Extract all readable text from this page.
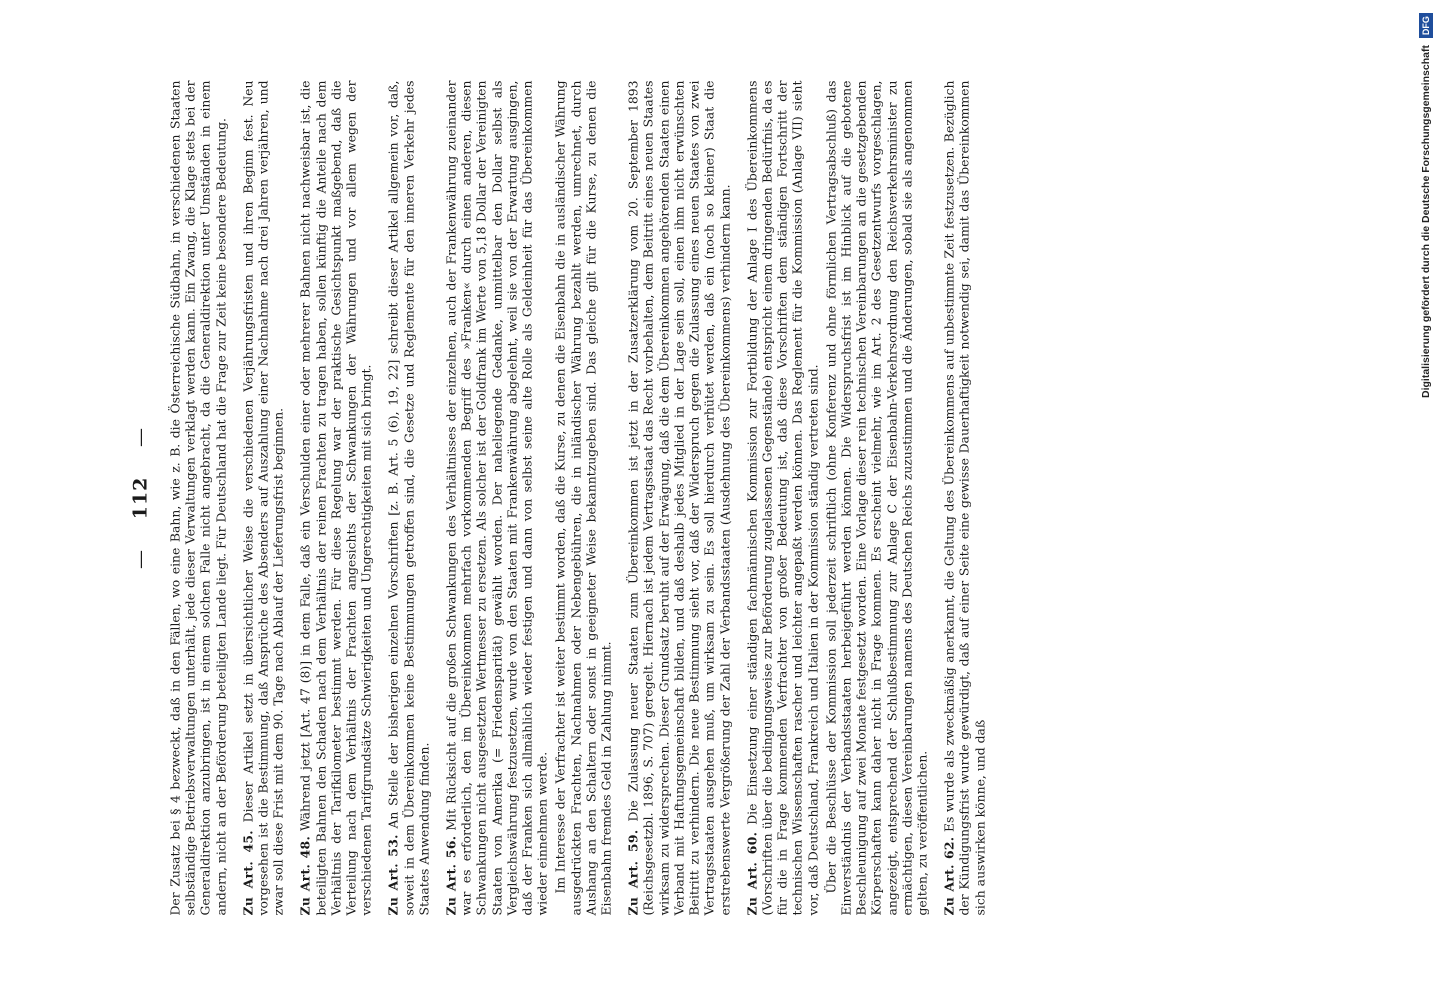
— 112 — Der Zusatz bei § 4 bezweckt, daß in den Fällen, wo eine Bahn, wie z. B. die Österreichische Südbahn, in verschiedenen Staaten selbständige Betriebsverwaltungen unterhält, jede dieser Verwaltungen verklagt werden kann. Ein Zwang, die Klage stets bei der Generaldirektion anzubringen, ist in einem solchen Falle nicht angebracht, da die Generaldirektion unter Umständen in einem andern, nicht an der Beförderung beteiligten Lande liegt. Für Deutschland hat die Frage zur Zeit keine besondere Bedeutung. Zu Art. 45. Dieser Artikel setzt in übersichtlicher Weise die verschiedenen Verjährungsfristen und ihren Beginn fest. Neu vorgesehen ist die Bestimmung, daß Ansprüche des Absenders auf Auszahlung einer Nachnahme nach drei Jahren verjähren, und zwar soll diese Frist mit dem 90. Tage nach Ablauf der Lieferungsfrist beginnen. Zu Art. 48. Während jetzt [Art. 47 (8)] in dem Falle, daß ein Verschulden einer oder mehrerer Bahnen nicht nachweisbar ist, die beteiligten Bahnen den Schaden nach dem Verhältnis der reinen Frachten zu tragen haben, sollen künftig die Anteile nach dem Verhältnis der Tarifkilometer bestimmt werden. Für diese Regelung war der praktische Gesichtspunkt maßgebend, daß die Verteilung nach dem Verhältnis der Frachten angesichts der Schwankungen der Währungen und vor allem wegen der verschiedenen Tarifgrundsätze Schwierigkeiten und Ungerechtigkeiten mit sich bringt. Zu Art. 53. An Stelle der bisherigen einzelnen Vorschriften [z. B. Art. 5 (6), 19, 22] schreibt dieser Artikel allgemein vor, daß, soweit in dem Übereinkommen keine Bestimmungen getroffen sind, die Gesetze und Reglemente für den inneren Verkehr jedes Staates Anwendung finden. Zu Art. 56. Mit Rücksicht auf die großen Schwankungen des Verhältnisses der einzelnen, auch der Frankenwährung zueinander war es erforderlich, den im Übereinkommen mehrfach vorkommenden Begriff des »Franken« durch einen anderen, diesen Schwankungen nicht ausgesetzten Wertmesser zu ersetzen. Als solcher ist der Goldfrank im Werte von 5,18 Dollar der Vereinigten Staaten von Amerika (= Friedensparität) gewählt worden. Der naheliegende Gedanke, unmittelbar den Dollar selbst als Vergleichswährung festzusetzen, wurde von den Staaten mit Frankenwährung abgelehnt, weil sie von der Erwartung ausgingen, daß der Franken sich allmählich wieder festigen und dann von selbst seine alte Rolle als Geldeinheit für das Übereinkommen wieder einnehmen werde. Im Interesse der Verfrachter ist weiter bestimmt worden, daß die Kurse, zu denen die Eisenbahn die in ausländischer Währung ausgedrückten Frachten, Nachnahmen oder Nebengebühren, die in inländischer Währung bezahlt werden, umrechnet, durch Aushang an den Schaltern oder sonst in geeigneter Weise bekanntzugeben sind. Das gleiche gilt für die Kurse, zu denen die Eisenbahn fremdes Geld in Zahlung nimmt. Zu Art. 59. Die Zulassung neuer Staaten zum Übereinkommen ist jetzt in der Zusatzerklärung vom 20. September 1893 (Reichsgesetzbl. 1896, S. 707) geregelt. Hiernach ist jedem Vertragsstaat das Recht vorbehalten, dem Beitritt eines neuen Staates wirksam zu widersprechen. Dieser Grundsatz beruht auf der Erwägung, daß die dem Übereinkommen angehörenden Staaten einen Verband mit Haftungsgemeinschaft bilden, und daß deshalb jedes Mitglied in der Lage sein soll, einen ihm nicht erwünschten Beitritt zu verhindern. Die neue Bestimmung sieht vor, daß der Widerspruch gegen die Zulassung eines neuen Staates von zwei Vertragsstaaten ausgehen muß, um wirksam zu sein. Es soll hierdurch verhütet werden, daß ein (noch so kleiner) Staat die erstrebenswerte Vergrößerung der Zahl der Verbandsstaaten (Ausdehnung des Übereinkommens) verhindern kann. Zu Art. 60. Die Einsetzung einer ständigen fachmännischen Kommission zur Fortbildung der Anlage I des Übereinkommens (Vorschriften über die bedingungsweise zur Beförderung zugelassenen Gegenstände) entspricht einem dringenden Bedürfnis, da es für die in Frage kommenden Verfrachter von großer Bedeutung ist, daß diese Vorschriften dem ständigen Fortschritt der technischen Wissenschaften rascher und leichter angepaßt werden können. Das Reglement für die Kommission (Anlage VII) sieht vor, daß Deutschland, Frankreich und Italien in der Kommission ständig vertreten sind. Über die Beschlüsse der Kommission soll jederzeit schriftlich (ohne Konferenz und ohne förmlichen Vertragsabschluß) das Einverständnis der Verbandsstaaten herbeigeführt werden können. Die Widerspruchsfrist ist im Hinblick auf die gebotene Beschleunigung auf zwei Monate festgesetzt worden. Eine Vorlage dieser rein technischen Vereinbarungen an die gesetzgebenden Körperschaften kann daher nicht in Frage kommen. Es erscheint vielmehr, wie im Art. 2 des Gesetzentwurfs vorgeschlagen, angezeigt, entsprechend der Schlußbestimmung zur Anlage C der Eisenbahn-Verkehrsordnung den Reichsverkehrsminister zu ermächtigen, diesen Vereinbarungen namens des Deutschen Reichs zuzustimmen und die Änderungen, sobald sie als angenommen gelten, zu veröffentlichen. Zu Art. 62. Es wurde als zweckmäßig anerkannt, die Geltung des Übereinkommens auf unbestimmte Zeit festzusetzen. Bezüglich der Kündigungsfrist wurde gewürdigt, daß auf einer Seite eine gewisse Dauerhaftigkeit notwendig sei, damit das Übereinkommen sich auswirken könne, und daß

Digitalisierung gefördert durch die Deutsche Forschungsgemeinschaft DFG
